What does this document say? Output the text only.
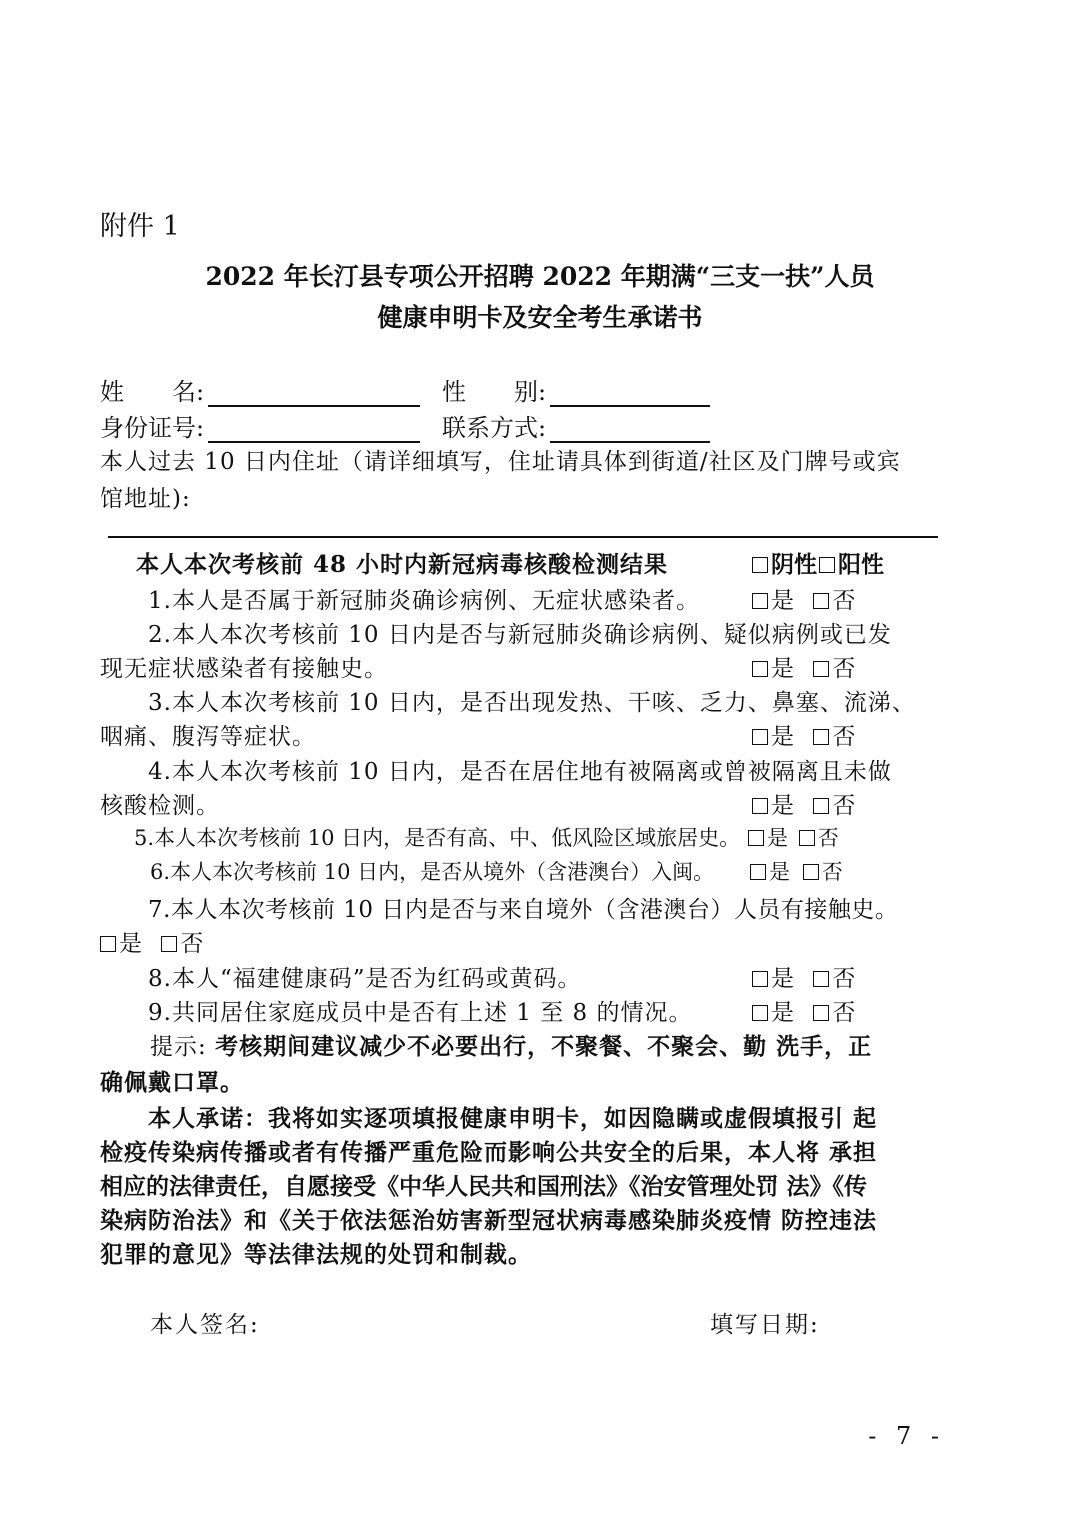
附件 1
2022 年长汀县专项公开招聘 2022 年期满“三支一扶”人员
健康申明卡及安全考生承诺书
姓　　名:	性　　别:
身份证号:	联系方式:
本人过去 10 日内住址（请详细填写，住址请具体到街道/社区及门牌号或宾
馆地址):
本人本次考核前 48 小时内新冠病毒核酸检测结果	阴性 阳性
1.本人是否属于新冠肺炎确诊病例、无症状感染者。	是 否
2.本人本次考核前 10 日内是否与新冠肺炎确诊病例、疑似病例或已发
现无症状感染者有接触史。	是 否
3.本人本次考核前 10 日内，是否出现发热、干咳、乏力、鼻塞、流涕、
咽痛、腹泻等症状。	是 否
4.本人本次考核前 10 日内，是否在居住地有被隔离或曾被隔离且未做
核酸检测。	是 否
5.本人本次考核前 10 日内，是否有高、中、低风险区域旅居史。	是 否
6.本人本次考核前 10 日内，是否从境外（含港澳台）入闽。	是 否
7.本人本次考核前 10 日内是否与来自境外（含港澳台）人员有接触史。
是 否
8.本人“福建健康码”是否为红码或黄码。	是 否
9.共同居住家庭成员中是否有上述 1 至 8 的情况。	是 否
提示: 考核期间建议减少不必要出行，不聚餐、不聚会、勤 洗手，正
确佩戴口罩。
本人承诺：我将如实逐项填报健康申明卡，如因隐瞒或虚假填报引 起
检疫传染病传播或者有传播严重危险而影响公共安全的后果，本人将 承担
相应的法律责任，自愿接受《中华人民共和国刑法》《治安管理处罚 法》《传
染病防治法》和《关于依法惩治妨害新型冠状病毒感染肺炎疫情 防控违法
犯罪的意见》等法律法规的处罚和制裁。
本人签名:	填写日期:
- 7 -
